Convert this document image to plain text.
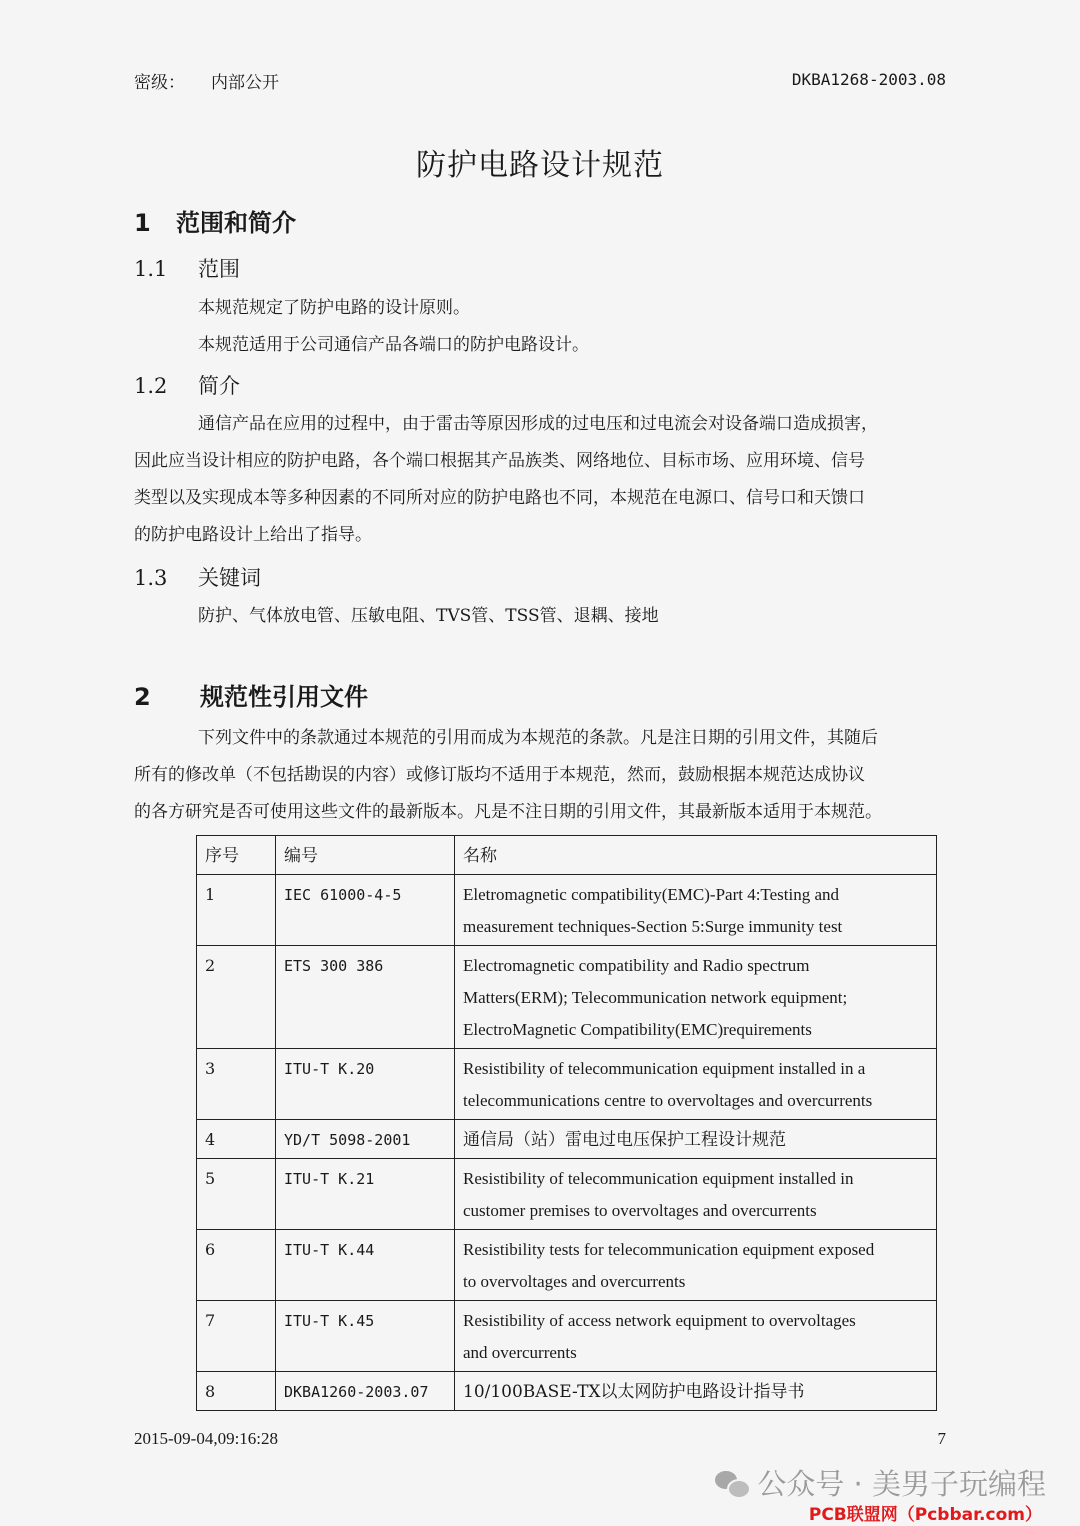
密级： 内部公开	DKBA1268-2003.08
防护电路设计规范
1 范围和简介
1.1 范围
本规范规定了防护电路的设计原则。
本规范适用于公司通信产品各端口的防护电路设计。
1.2 简介
通信产品在应用的过程中，由于雷击等原因形成的过电压和过电流会对设备端口造成损害，
因此应当设计相应的防护电路，各个端口根据其产品族类、网络地位、目标市场、应用环境、信号
类型以及实现成本等多种因素的不同所对应的防护电路也不同，本规范在电源口、信号口和天馈口
的防护电路设计上给出了指导。
1.3 关键词
防护、气体放电管、压敏电阻、TVS管、TSS管、退耦、接地
2 规范性引用文件
下列文件中的条款通过本规范的引用而成为本规范的条款。凡是注日期的引用文件，其随后
所有的修改单（不包括勘误的内容）或修订版均不适用于本规范，然而，鼓励根据本规范达成协议
的各方研究是否可使用这些文件的最新版本。凡是不注日期的引用文件，其最新版本适用于本规范。
序号	编号	名称
1	IEC 61000-4-5	Eletromagnetic compatibility(EMC)-Part 4:Testing and
measurement techniques-Section 5:Surge immunity test
2	ETS 300 386	Electromagnetic compatibility and Radio spectrum
Matters(ERM); Telecommunication network equipment;
ElectroMagnetic Compatibility(EMC)requirements
3	ITU-T K.20	Resistibility of telecommunication equipment installed in a
telecommunications centre to overvoltages and overcurrents
4	YD/T 5098-2001	通信局（站）雷电过电压保护工程设计规范
5	ITU-T K.21	Resistibility of telecommunication equipment installed in
customer premises to overvoltages and overcurrents
6	ITU-T K.44	Resistibility tests for telecommunication equipment exposed
to overvoltages and overcurrents
7	ITU-T K.45	Resistibility of access network equipment to overvoltages
and overcurrents
8	DKBA1260-2003.07	10/100BASE-TX以太网防护电路设计指导书
2015-09-04,09:16:28	7
公众号 · 美男子玩编程
PCB联盟网（Pcbbar.com）
